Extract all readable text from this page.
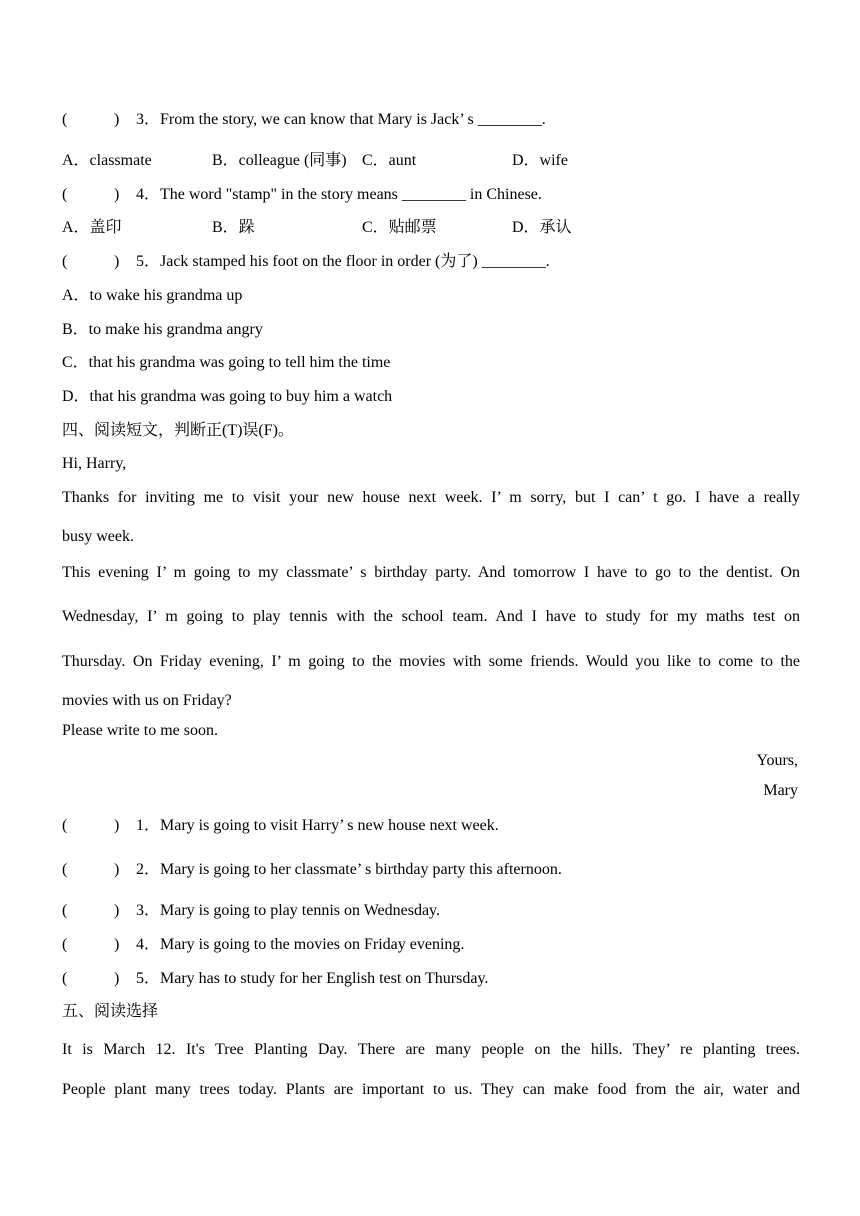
(	) 3．From the story, we can know that Mary is Jack’ s ________.
A．classmate	B．colleague (同事) C．aunt	D．wife
(	) 4．The word "stamp" in the story means ________ in Chinese.
A．盖印	B．跺	C．贴邮票	D．承认
(	) 5．Jack stamped his foot on the floor in order (为了) ________.
A．to wake his grandma up
B．to make his grandma angry
C．that his grandma was going to tell him the time
D．that his grandma was going to buy him a watch
四、阅读短文，判断正(T)误(F)。
Hi, Harry,
Thanks for inviting me to visit your new house next week. I’ m sorry, but I can’ t go. I have a really
busy week.
This evening I’ m going to my classmate’ s birthday party. And tomorrow I have to go to the dentist. On
Wednesday, I’ m going to play tennis with the school team. And I have to study for my maths test on
Thursday. On Friday evening, I’ m going to the movies with some friends. Would you like to come to the
movies with us on Friday?
Please write to me soon.
Yours,
Mary
(	) 1．Mary is going to visit Harry’ s new house next week.
(	) 2．Mary is going to her classmate’ s birthday party this afternoon.
(	) 3．Mary is going to play tennis on Wednesday.
(	) 4．Mary is going to the movies on Friday evening.
(	) 5．Mary has to study for her English test on Thursday.
五、阅读选择
It is March 12. It's Tree Planting Day. There are many people on the hills. They’ re planting trees.
People plant many trees today. Plants are important to us. They can make food from the air, water and
